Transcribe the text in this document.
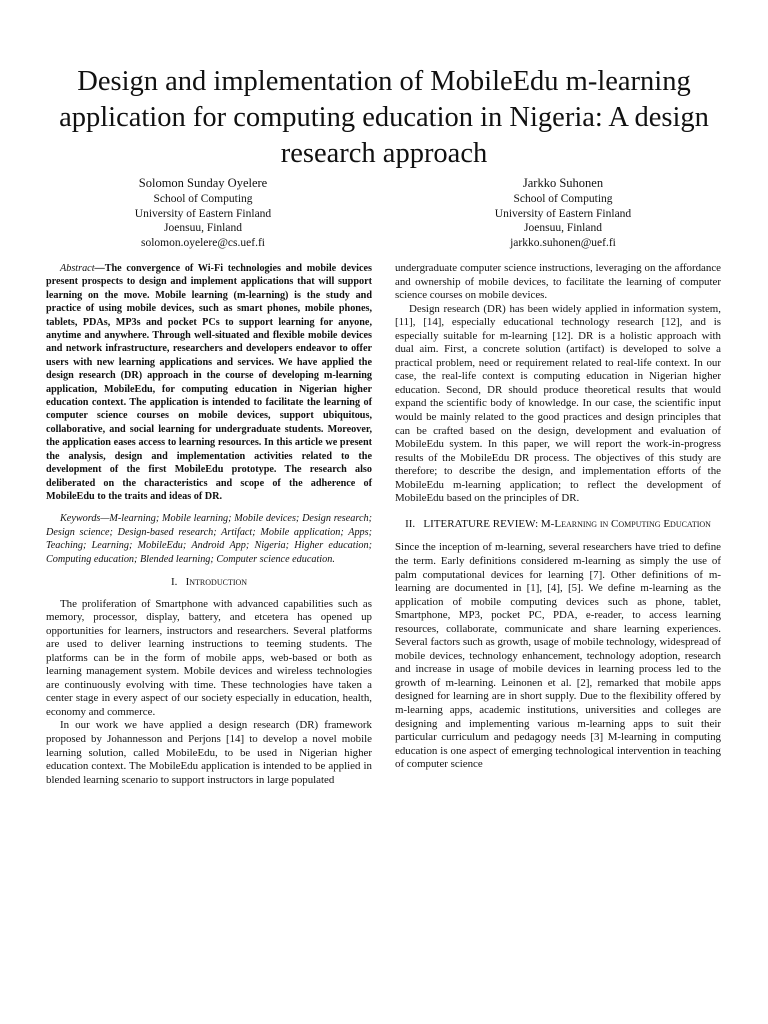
Design and implementation of MobileEdu m-learning application for computing education in Nigeria: A design research approach
Solomon Sunday Oyelere
School of Computing
University of Eastern Finland
Joensuu, Finland
solomon.oyelere@cs.uef.fi
Jarkko Suhonen
School of Computing
University of Eastern Finland
Joensuu, Finland
jarkko.suhonen@uef.fi

Abstract—The convergence of Wi-Fi technologies and mobile devices present prospects to design and implement applications that will support learning on the move. Mobile learning (m-learning) is the study and practice of using mobile devices, such as smart phones, mobile phones, tablets, PDAs, MP3s and pocket PCs to support learning for anyone, anytime and anywhere. Through well-situated and flexible mobile devices and network infrastructure, researchers and developers endeavor to offer users with new learning applications and services. We have applied the design research (DR) approach in the course of developing m-learning application, MobileEdu, for computing education in Nigerian higher education context. The application is intended to facilitate the learning of computer science courses on mobile devices, support ubiquitous, collaborative, and social learning for undergraduate students. Moreover, the application eases access to learning resources. In this article we present the analysis, design and implementation activities related to the development of the first MobileEdu prototype. The research also deliberated on the characteristics and scope of the adherence of MobileEdu to the traits and ideas of DR.

Keywords—M-learning; Mobile learning; Mobile devices; Design research; Design science; Design-based research; Artifact; Mobile application; Apps; Teaching; Learning; MobileEdu; Android App; Nigeria; Higher education; Computing education; Blended learning; Computer science education.

I. Introduction

The proliferation of Smartphone with advanced capabilities such as memory, processor, display, battery, and etcetera has opened up opportunities for learners, instructors and researchers. Several platforms are used to deliver learning instructions to teeming students. The platforms can be in the form of mobile apps, web-based or both as learning management system. Mobile devices and wireless technologies are continuously evolving with time. These technologies have taken a center stage in every aspect of our society especially in education, health, economy and commerce.

In our work we have applied a design research (DR) framework proposed by Johannesson and Perjons [14] to develop a novel mobile learning solution, called MobileEdu, to be used in Nigerian higher education context. The MobileEdu application is intended to be applied in blended learning scenario to support instructors in large populated

undergraduate computer science instructions, leveraging on the affordance and ownership of mobile devices, to facilitate the learning of computer science courses on mobile devices.

Design research (DR) has been widely applied in information system, [11], [14], especially educational technology research [12], and is especially suitable for m-learning [12]. DR is a holistic approach with dual aim. First, a concrete solution (artifact) is developed to solve a practical problem, need or requirement related to real-life context. In our case, the real-life context is computing education in Nigerian higher education. Second, DR should produce theoretical results that would expand the scientific body of knowledge. In our case, the scientific input would be mainly related to the good practices and design principles that can be crafted based on the design, development and evaluation of MobileEdu system. In this paper, we will report the work-in-progress results of the MobileEdu DR process. The objectives of this study are therefore; to describe the design, and implementation efforts of the MobileEdu m-learning application; to reflect the development of MobileEdu based on the principles of DR.

II. LITERATURE REVIEW: M-Learning in Computing Education

Since the inception of m-learning, several researchers have tried to define the term. Early definitions considered m-learning as simply the use of palm computational devices for learning [7]. Other definitions of m-learning are documented in [1], [4], [5]. We define m-learning as the application of mobile computing devices such as phone, tablet, Smartphone, MP3, pocket PC, PDA, e-reader, to access learning resources, collaborate, communicate and share learning experiences. Several factors such as growth, usage of mobile technology, widespread of mobile devices, technology enhancement, technology adoption, research and increase in usage of mobile devices in learning process led to the growth of m-learning. Leinonen et al. [2], remarked that mobile apps designed for learning are in short supply. Due to the flexibility offered by m-learning apps, academic institutions, universities and colleges are designing and implementing various m-learning apps to suit their particular curriculum and pedagogy needs [3] M-learning in computing education is one aspect of emerging technological intervention in teaching of computer science
